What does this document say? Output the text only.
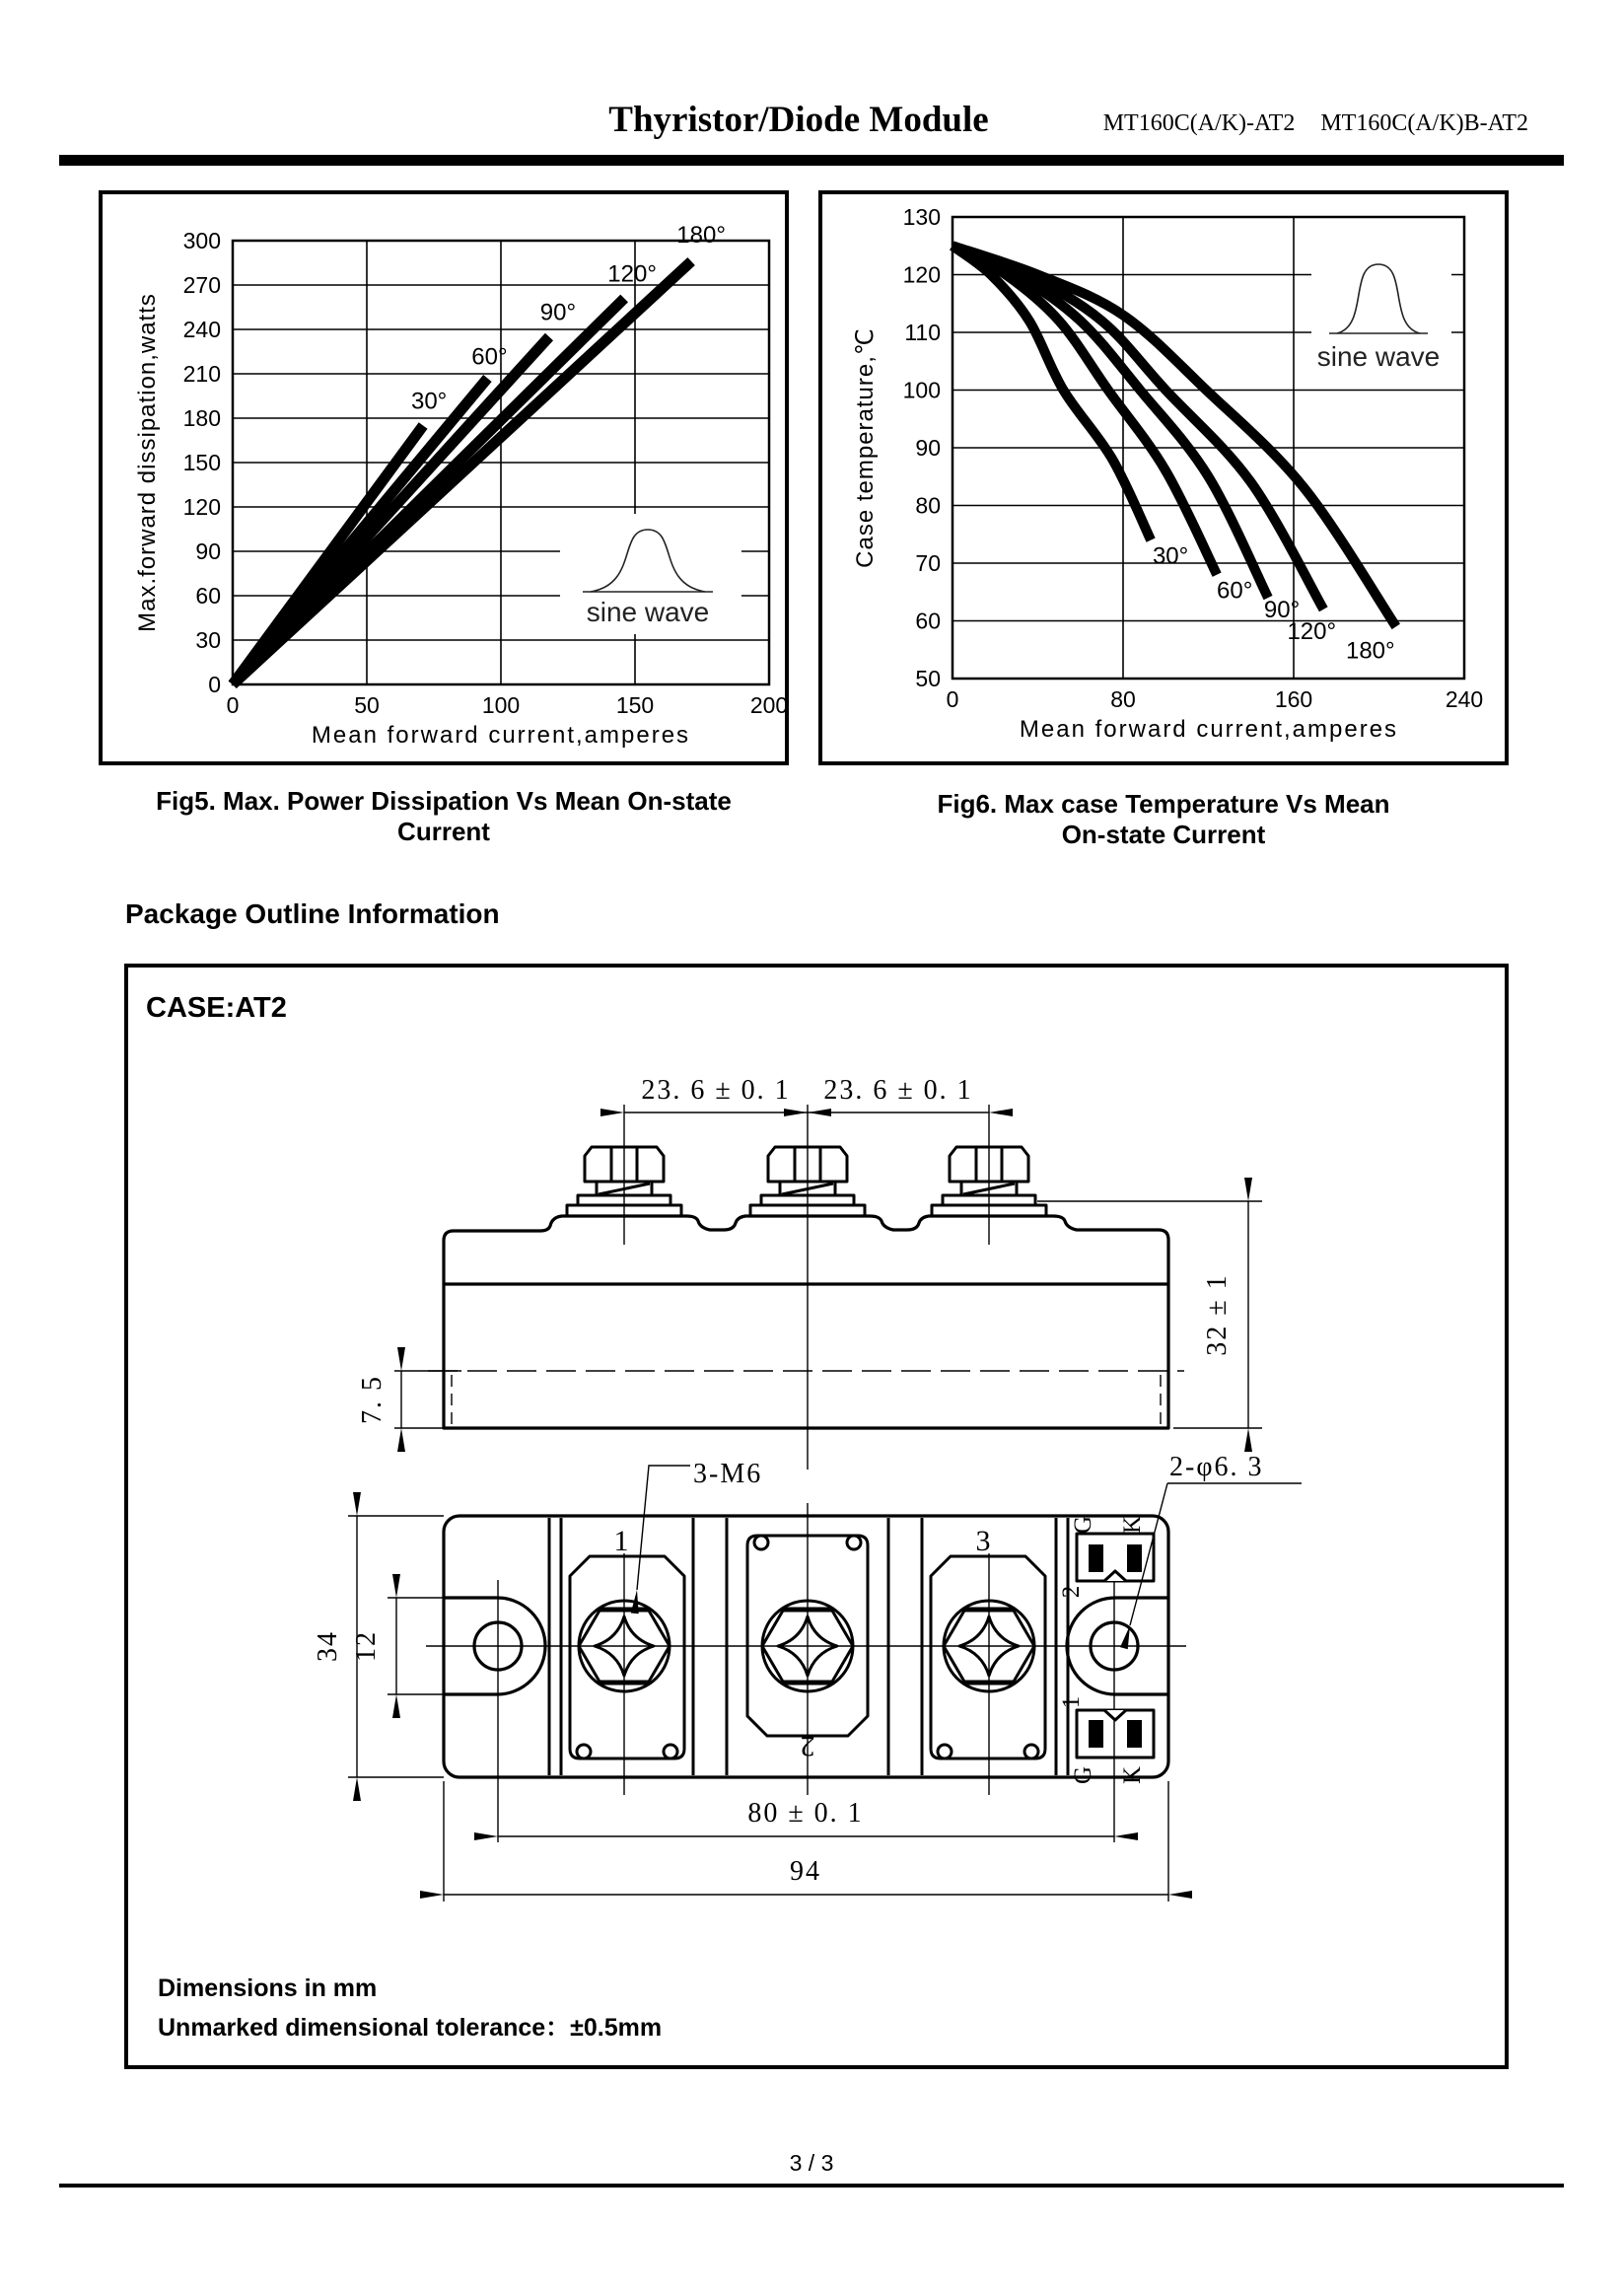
Thyristor/Diode Module	MT160C(A/K)-AT2 MT160C(A/K)B-AT2
sine wave
30°
60°
90°
120°
180°
0
30
60
90
120
150
180
210
240
270
300
0	50	100	150	200
Mean forward current,amperes
Max.forward dissipation,watts	sine wave
30°
60°
90°
120°
180°
50
60
70
80
90
100
110
120
130
0	80	160	240
Mean forward current,amperes
Case temperature,℃
Fig5. Max. Power Dissipation Vs Mean On-state
Current
Fig6. Max case Temperature Vs Mean
On-state Current
Package Outline Information
CASE:AT2
23. 6 ± 0. 1 23. 6 ± 0. 1
32 ± 1
7. 5
1	3
2
G K
2
1
G K
3-M6	2-φ6. 3
34 12
80 ± 0. 1
94
Dimensions in mm
Unmarked dimensional tolerance：±0.5mm
3 / 3
